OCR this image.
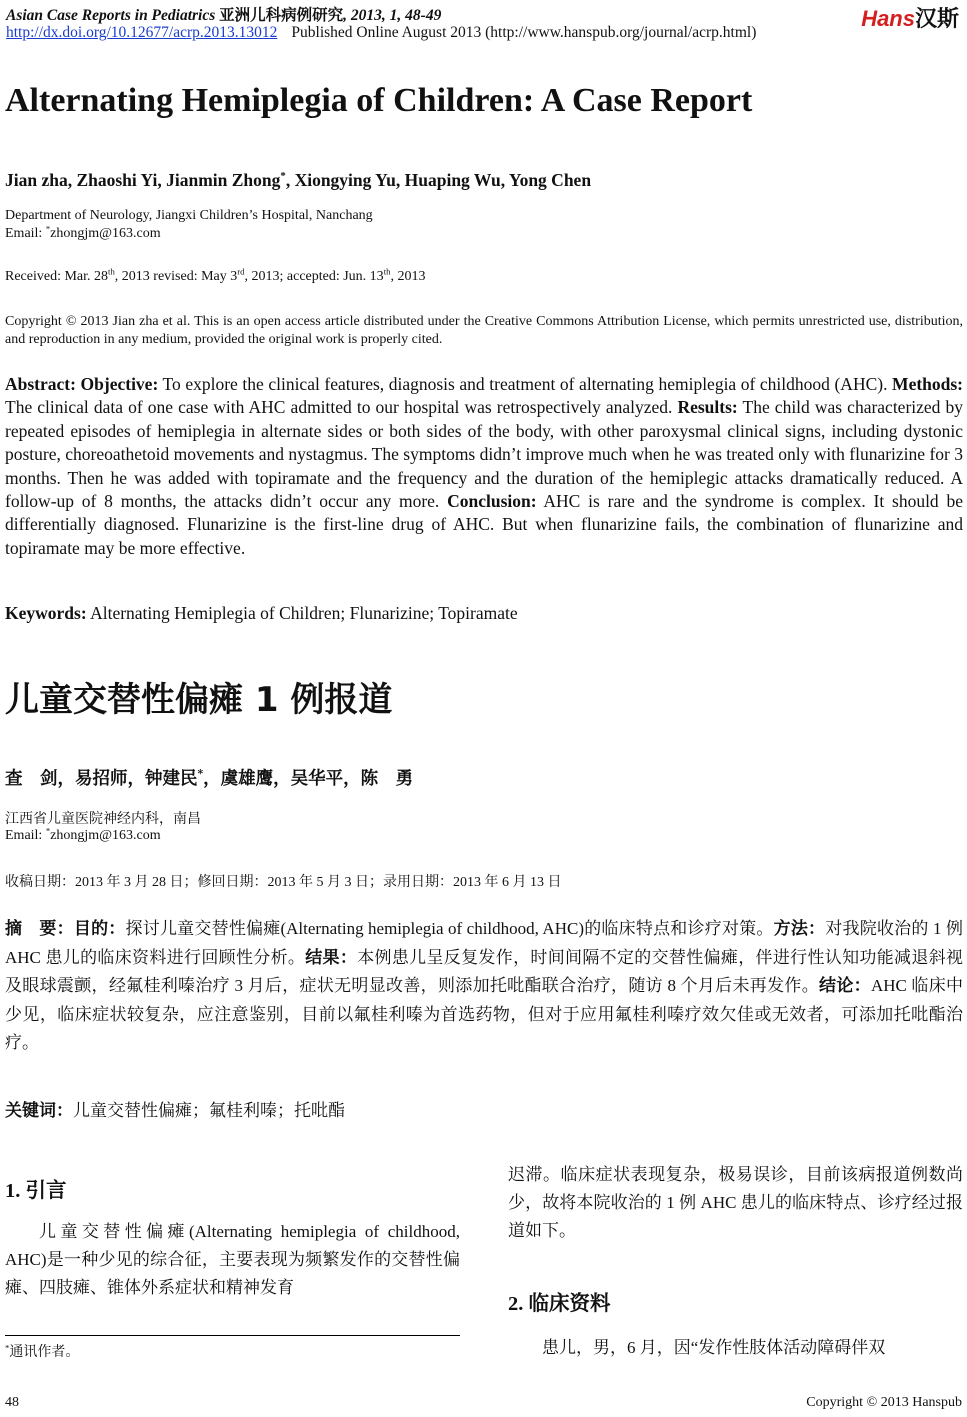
Asian Case Reports in Pediatrics 亚洲儿科病例研究, 2013, 1, 48-49
http://dx.doi.org/10.12677/acrp.2013.13012 Published Online August 2013 (http://www.hanspub.org/journal/acrp.html)
Hans汉斯
Alternating Hemiplegia of Children: A Case Report
Jian zha, Zhaoshi Yi, Jianmin Zhong*, Xiongying Yu, Huaping Wu, Yong Chen
Department of Neurology, Jiangxi Children’s Hospital, Nanchang
Email: *zhongjm@163.com
Received: Mar. 28th, 2013 revised: May 3rd, 2013; accepted: Jun. 13th, 2013
Copyright © 2013 Jian zha et al. This is an open access article distributed under the Creative Commons Attribution License, which permits unrestricted use, distribution, and reproduction in any medium, provided the original work is properly cited.
Abstract: Objective: To explore the clinical features, diagnosis and treatment of alternating hemiplegia of childhood (AHC). Methods: The clinical data of one case with AHC admitted to our hospital was retrospectively analyzed. Results: The child was characterized by repeated episodes of hemiplegia in alternate sides or both sides of the body, with other paroxysmal clinical signs, including dystonic posture, choreoathetoid movements and nystagmus. The symptoms didn’t improve much when he was treated only with flunarizine for 3 months. Then he was added with topiramate and the frequency and the duration of the hemiplegic attacks dramatically reduced. A follow-up of 8 months, the attacks didn’t occur any more. Conclusion: AHC is rare and the syndrome is complex. It should be differentially diagnosed. Flunarizine is the first-line drug of AHC. But when flunarizine fails, the combination of flunarizine and topiramate may be more effective.
Keywords: Alternating Hemiplegia of Children; Flunarizine; Topiramate
儿童交替性偏瘫 1 例报道
查　剑，易招师，钟建民*，虞雄鹰，吴华平，陈　勇
江西省儿童医院神经内科，南昌
Email: *zhongjm@163.com
收稿日期：2013 年 3 月 28 日；修回日期：2013 年 5 月 3 日；录用日期：2013 年 6 月 13 日
摘　要：目的：探讨儿童交替性偏瘫(Alternating hemiplegia of childhood, AHC)的临床特点和诊疗对策。方法：对我院收治的 1 例 AHC 患儿的临床资料进行回顾性分析。结果：本例患儿呈反复发作，时间间隔不定的交替性偏瘫，伴进行性认知功能减退斜视及眼球震颤，经氟桂利嗪治疗 3 月后，症状无明显改善，则添加托吡酯联合治疗，随访 8 个月后未再发作。结论：AHC 临床中少见，临床症状较复杂，应注意鉴别，目前以氟桂利嗪为首选药物，但对于应用氟桂利嗪疗效欠佳或无效者，可添加托吡酯治疗。
关键词：儿童交替性偏瘫；氟桂利嗪；托吡酯
1. 引言
儿童交替性偏瘫(Alternating hemiplegia of childhood, AHC)是一种少见的综合征，主要表现为频繁发作的交替性偏瘫、四肢瘫、锥体外系症状和精神发育
迟滞。临床症状表现复杂，极易误诊，目前该病报道例数尚少，故将本院收治的 1 例 AHC 患儿的临床特点、诊疗经过报道如下。
2. 临床资料
患儿，男，6 月，因“发作性肢体活动障碍伴双
*通讯作者。
48	Copyright © 2013 Hanspub
